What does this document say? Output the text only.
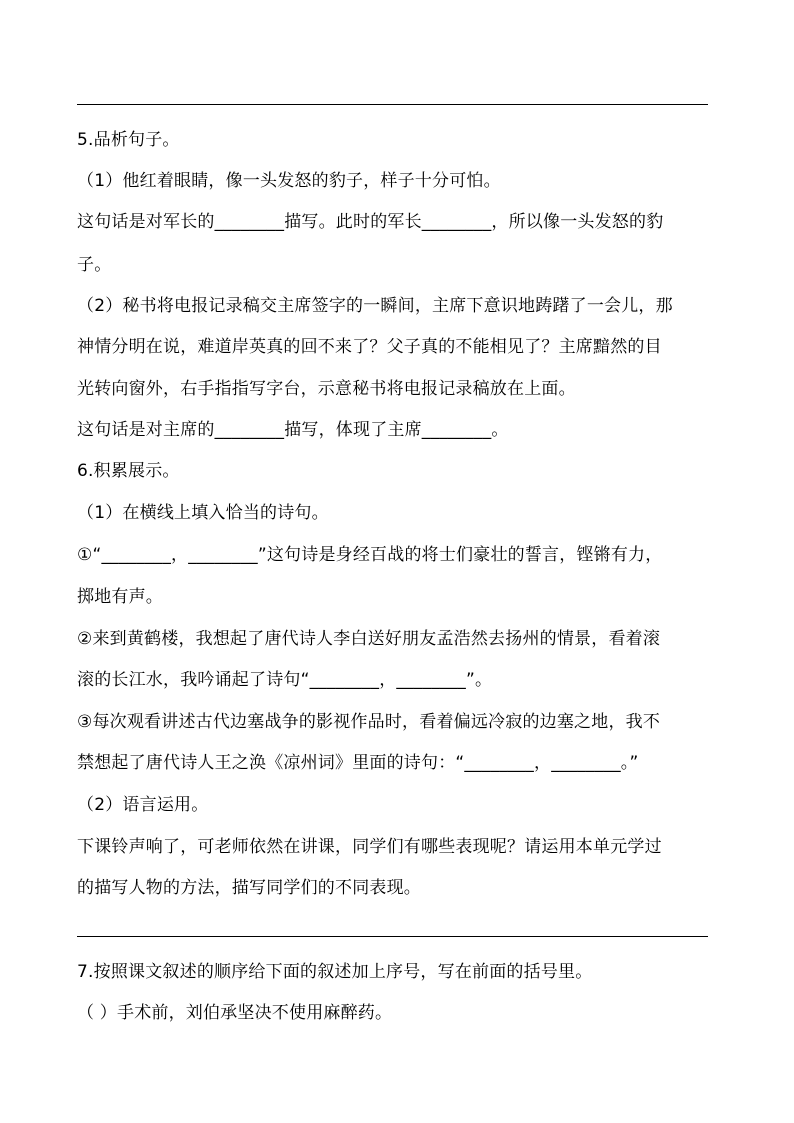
5.品析句子。
（1）他红着眼睛，像一头发怒的豹子，样子十分可怕。
这句话是对军长的________描写。此时的军长________，所以像一头发怒的豹
子。
（2）秘书将电报记录稿交主席签字的一瞬间，主席下意识地踌躇了一会儿，那
神情分明在说，难道岸英真的回不来了？父子真的不能相见了？主席黯然的目
光转向窗外，右手指指写字台，示意秘书将电报记录稿放在上面。
这句话是对主席的________描写，体现了主席________。
6.积累展示。
（1）在横线上填入恰当的诗句。
①“________，________”这句诗是身经百战的将士们豪壮的誓言，铿锵有力，
掷地有声。
②来到黄鹤楼，我想起了唐代诗人李白送好朋友孟浩然去扬州的情景，看着滚
滚的长江水，我吟诵起了诗句“________，________”。
③每次观看讲述古代边塞战争的影视作品时，看着偏远冷寂的边塞之地，我不
禁想起了唐代诗人王之涣《凉州词》里面的诗句：“________，________。”
（2）语言运用。
下课铃声响了，可老师依然在讲课，同学们有哪些表现呢？请运用本单元学过
的描写人物的方法，描写同学们的不同表现。
7.按照课文叙述的顺序给下面的叙述加上序号，写在前面的括号里。
（ ）手术前，刘伯承坚决不使用麻醉药。
